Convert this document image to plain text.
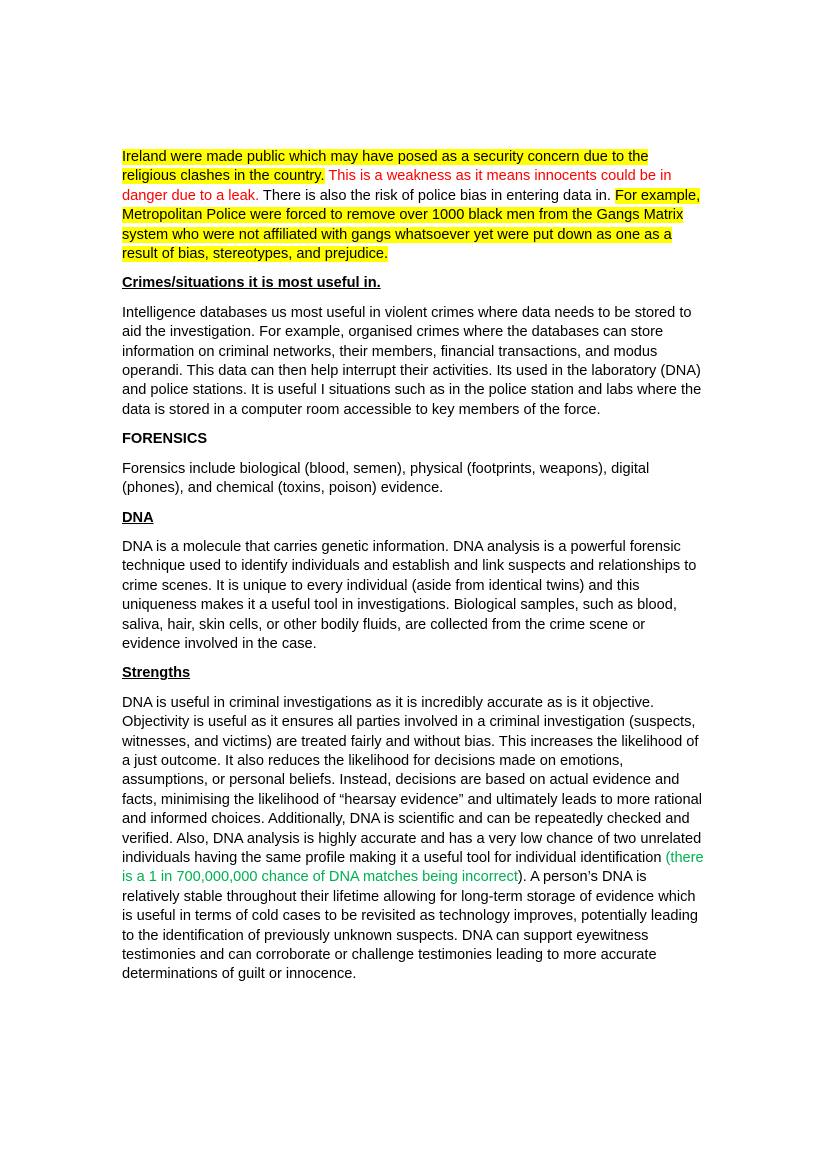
Ireland were made public which may have posed as a security concern due to the religious clashes in the country. This is a weakness as it means innocents could be in danger due to a leak. There is also the risk of police bias in entering data in. For example, Metropolitan Police were forced to remove over 1000 black men from the Gangs Matrix system who were not affiliated with gangs whatsoever yet were put down as one as a result of bias, stereotypes, and prejudice.

Crimes/situations it is most useful in.

Intelligence databases us most useful in violent crimes where data needs to be stored to aid the investigation. For example, organised crimes where the databases can store information on criminal networks, their members, financial transactions, and modus operandi. This data can then help interrupt their activities. Its used in the laboratory (DNA) and police stations. It is useful I situations such as in the police station and labs where the data is stored in a computer room accessible to key members of the force.

FORENSICS

Forensics include biological (blood, semen), physical (footprints, weapons), digital (phones), and chemical (toxins, poison) evidence.

DNA

DNA is a molecule that carries genetic information. DNA analysis is a powerful forensic technique used to identify individuals and establish and link suspects and relationships to crime scenes. It is unique to every individual (aside from identical twins) and this uniqueness makes it a useful tool in investigations. Biological samples, such as blood, saliva, hair, skin cells, or other bodily fluids, are collected from the crime scene or evidence involved in the case.

Strengths

DNA is useful in criminal investigations as it is incredibly accurate as is it objective. Objectivity is useful as it ensures all parties involved in a criminal investigation (suspects, witnesses, and victims) are treated fairly and without bias. This increases the likelihood of a just outcome. It also reduces the likelihood for decisions made on emotions, assumptions, or personal beliefs. Instead, decisions are based on actual evidence and facts, minimising the likelihood of “hearsay evidence” and ultimately leads to more rational and informed choices. Additionally, DNA is scientific and can be repeatedly checked and verified. Also, DNA analysis is highly accurate and has a very low chance of two unrelated individuals having the same profile making it a useful tool for individual identification (there is a 1 in 700,000,000 chance of DNA matches being incorrect). A person’s DNA is relatively stable throughout their lifetime allowing for long-term storage of evidence which is useful in terms of cold cases to be revisited as technology improves, potentially leading to the identification of previously unknown suspects. DNA can support eyewitness testimonies and can corroborate or challenge testimonies leading to more accurate determinations of guilt or innocence.
